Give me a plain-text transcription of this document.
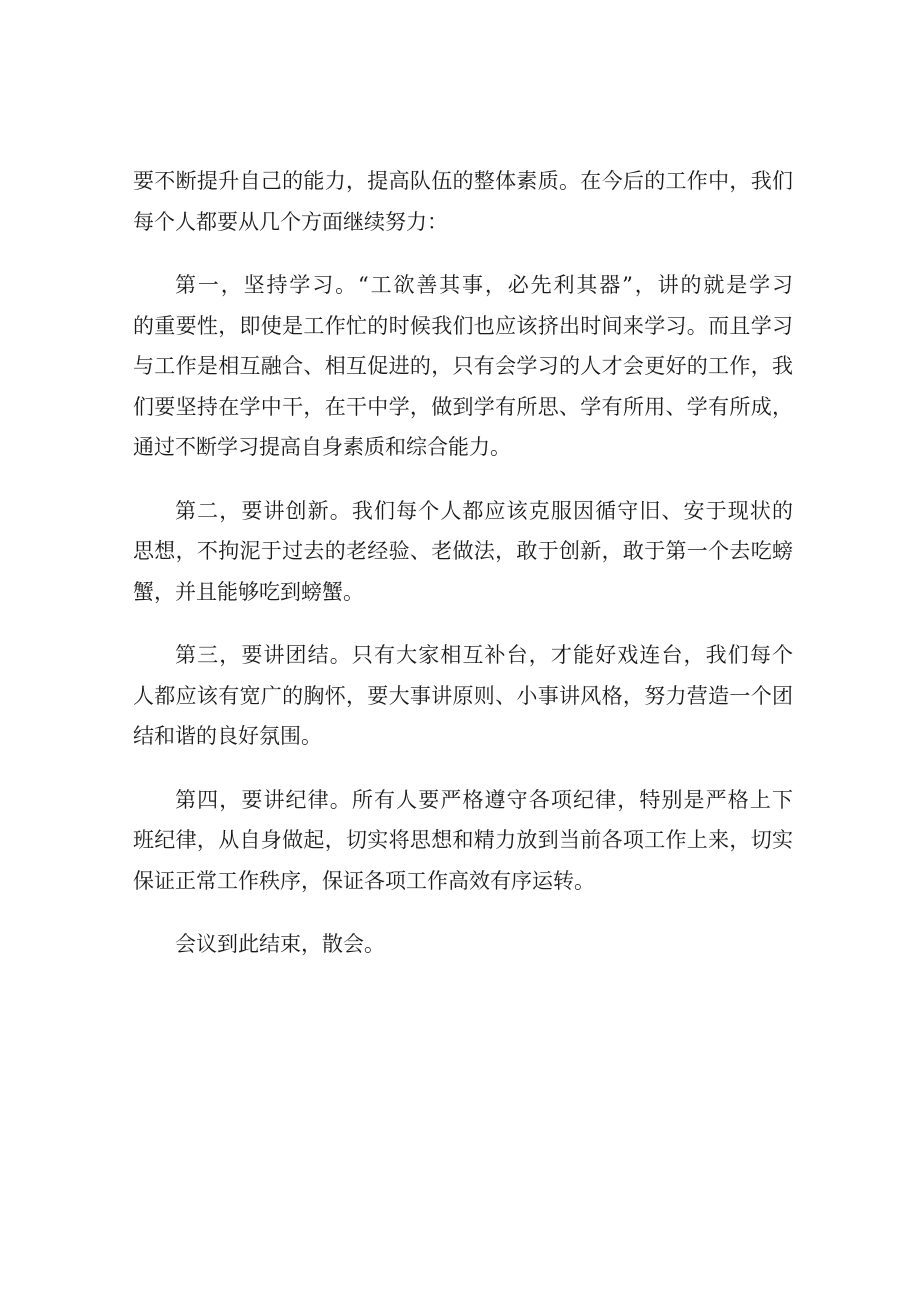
要不断提升自己的能力，提高队伍的整体素质。在今后的工作中，我们
每个人都要从几个方面继续努力：

第一，坚持学习。“工欲善其事，必先利其器”，讲的就是学习
的重要性，即使是工作忙的时候我们也应该挤出时间来学习。而且学习
与工作是相互融合、相互促进的，只有会学习的人才会更好的工作，我
们要坚持在学中干，在干中学，做到学有所思、学有所用、学有所成，
通过不断学习提高自身素质和综合能力。

第二，要讲创新。我们每个人都应该克服因循守旧、安于现状的
思想，不拘泥于过去的老经验、老做法，敢于创新，敢于第一个去吃螃
蟹，并且能够吃到螃蟹。

第三，要讲团结。只有大家相互补台，才能好戏连台，我们每个
人都应该有宽广的胸怀，要大事讲原则、小事讲风格，努力营造一个团
结和谐的良好氛围。

第四，要讲纪律。所有人要严格遵守各项纪律，特别是严格上下
班纪律，从自身做起，切实将思想和精力放到当前各项工作上来，切实
保证正常工作秩序，保证各项工作高效有序运转。

会议到此结束，散会。
